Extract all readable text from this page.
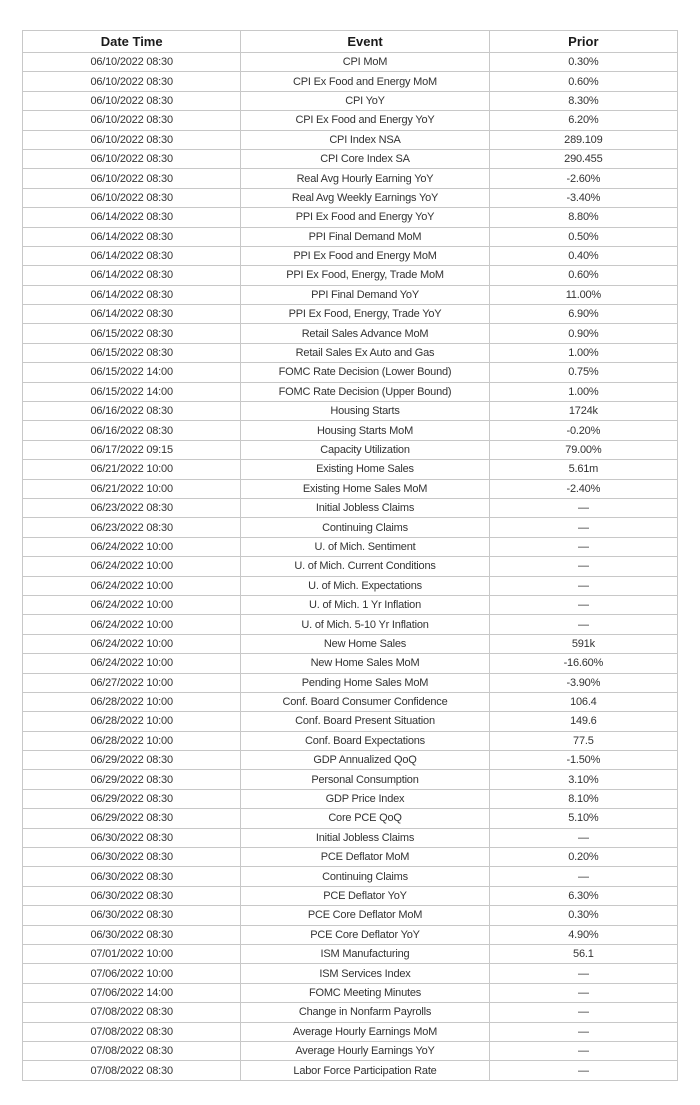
Date Time	Event	Prior
06/10/2022 08:30	CPI MoM	0.30%
06/10/2022 08:30	CPI Ex Food and Energy MoM	0.60%
06/10/2022 08:30	CPI YoY	8.30%
06/10/2022 08:30	CPI Ex Food and Energy YoY	6.20%
06/10/2022 08:30	CPI Index NSA	289.109
06/10/2022 08:30	CPI Core Index SA	290.455
06/10/2022 08:30	Real Avg Hourly Earning YoY	-2.60%
06/10/2022 08:30	Real Avg Weekly Earnings YoY	-3.40%
06/14/2022 08:30	PPI Ex Food and Energy YoY	8.80%
06/14/2022 08:30	PPI Final Demand MoM	0.50%
06/14/2022 08:30	PPI Ex Food and Energy MoM	0.40%
06/14/2022 08:30	PPI Ex Food, Energy, Trade MoM	0.60%
06/14/2022 08:30	PPI Final Demand YoY	11.00%
06/14/2022 08:30	PPI Ex Food, Energy, Trade YoY	6.90%
06/15/2022 08:30	Retail Sales Advance MoM	0.90%
06/15/2022 08:30	Retail Sales Ex Auto and Gas	1.00%
06/15/2022 14:00	FOMC Rate Decision (Lower Bound)	0.75%
06/15/2022 14:00	FOMC Rate Decision (Upper Bound)	1.00%
06/16/2022 08:30	Housing Starts	1724k
06/16/2022 08:30	Housing Starts MoM	-0.20%
06/17/2022 09:15	Capacity Utilization	79.00%
06/21/2022 10:00	Existing Home Sales	5.61m
06/21/2022 10:00	Existing Home Sales MoM	-2.40%
06/23/2022 08:30	Initial Jobless Claims	—
06/23/2022 08:30	Continuing Claims	—
06/24/2022 10:00	U. of Mich. Sentiment	—
06/24/2022 10:00	U. of Mich. Current Conditions	—
06/24/2022 10:00	U. of Mich. Expectations	—
06/24/2022 10:00	U. of Mich. 1 Yr Inflation	—
06/24/2022 10:00	U. of Mich. 5-10 Yr Inflation	—
06/24/2022 10:00	New Home Sales	591k
06/24/2022 10:00	New Home Sales MoM	-16.60%
06/27/2022 10:00	Pending Home Sales MoM	-3.90%
06/28/2022 10:00	Conf. Board Consumer Confidence	106.4
06/28/2022 10:00	Conf. Board Present Situation	149.6
06/28/2022 10:00	Conf. Board Expectations	77.5
06/29/2022 08:30	GDP Annualized QoQ	-1.50%
06/29/2022 08:30	Personal Consumption	3.10%
06/29/2022 08:30	GDP Price Index	8.10%
06/29/2022 08:30	Core PCE QoQ	5.10%
06/30/2022 08:30	Initial Jobless Claims	—
06/30/2022 08:30	PCE Deflator MoM	0.20%
06/30/2022 08:30	Continuing Claims	—
06/30/2022 08:30	PCE Deflator YoY	6.30%
06/30/2022 08:30	PCE Core Deflator MoM	0.30%
06/30/2022 08:30	PCE Core Deflator YoY	4.90%
07/01/2022 10:00	ISM Manufacturing	56.1
07/06/2022 10:00	ISM Services Index	—
07/06/2022 14:00	FOMC Meeting Minutes	—
07/08/2022 08:30	Change in Nonfarm Payrolls	—
07/08/2022 08:30	Average Hourly Earnings MoM	—
07/08/2022 08:30	Average Hourly Earnings YoY	—
07/08/2022 08:30	Labor Force Participation Rate	—
